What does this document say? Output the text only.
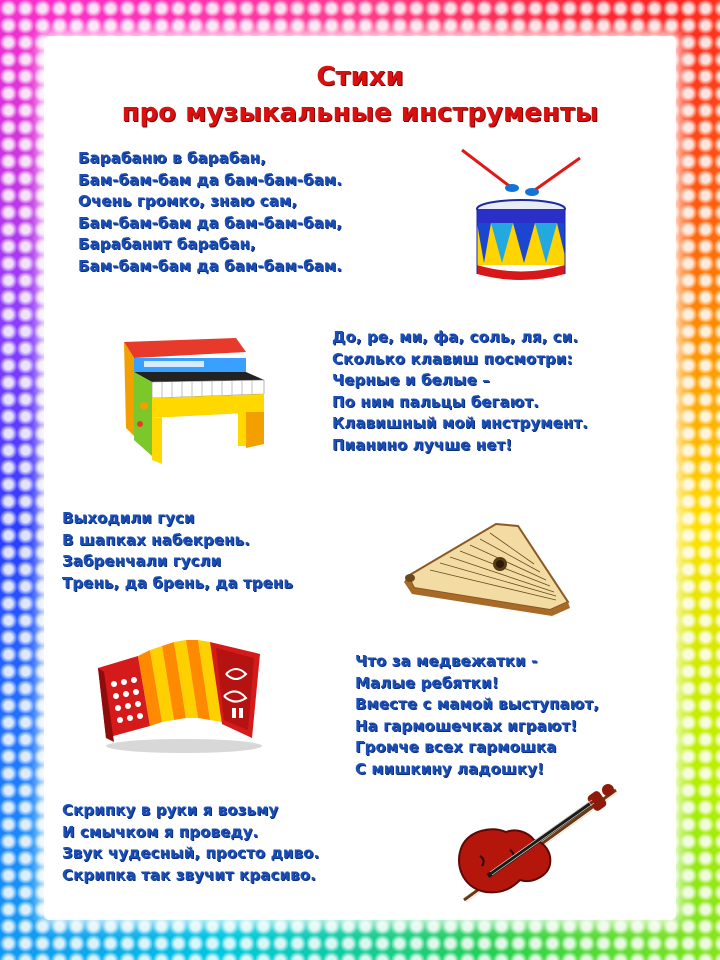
Стихи
про музыкальные инструменты
Барабаню в барабан,
Бам-бам-бам да бам-бам-бам.
Очень громко, знаю сам,
Бам-бам-бам да бам-бам-бам,
Барабанит барабан,
Бам-бам-бам да бам-бам-бам.
До, ре, ми, фа, соль, ля, си.
Сколько клавиш посмотри:
Черные и белые –
По ним пальцы бегают.
Клавишный мой инструмент.
Пианино лучше нет!
Выходили гуси
В шапках набекрень.
Забренчали гусли
Трень, да брень, да трень
Что за медвежатки -
Малые ребятки!
Вместе с мамой выступают,
На гармошечках играют!
Громче всех гармошка
С мишкину ладошку!
Скрипку в руки я возьму
И смычком я проведу.
Звук чудесный, просто диво.
Скрипка так звучит красиво.
